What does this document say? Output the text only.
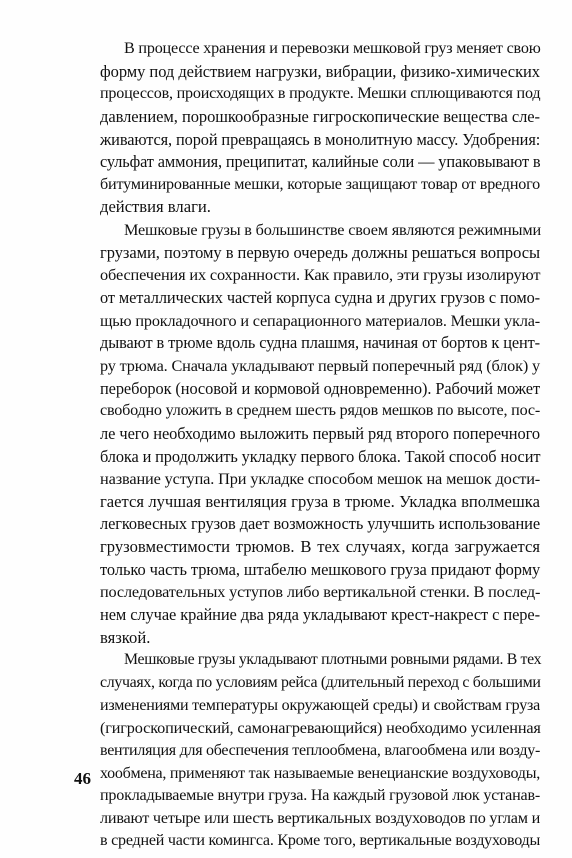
В процессе хранения и перевозки мешковой груз меняет свою
форму под действием нагрузки, вибрации, физико-химических
процессов, происходящих в продукте. Мешки сплющиваются под
давлением, порошкообразные гигроскопические вещества сле-
живаются, порой превращаясь в монолитную массу. Удобрения:
сульфат аммония, преципитат, калийные соли — упаковывают в
битуминированные мешки, которые защищают товар от вредного
действия влаги.
Мешковые грузы в большинстве своем являются режимными
грузами, поэтому в первую очередь должны решаться вопросы
обеспечения их сохранности. Как правило, эти грузы изолируют
от металлических частей корпуса судна и других грузов с помо-
щью прокладочного и сепарационного материалов. Мешки укла-
дывают в трюме вдоль судна плашмя, начиная от бортов к цент-
ру трюма. Сначала укладывают первый поперечный ряд (блок) у
переборок (носовой и кормовой одновременно). Рабочий может
свободно уложить в среднем шесть рядов мешков по высоте, пос-
ле чего необходимо выложить первый ряд второго поперечного
блока и продолжить укладку первого блока. Такой способ носит
название уступа. При укладке способом мешок на мешок дости-
гается лучшая вентиляция груза в трюме. Укладка вполмешка
легковесных грузов дает возможность улучшить использование
грузовместимости трюмов. В тех случаях, когда загружается
только часть трюма, штабелю мешкового груза придают форму
последовательных уступов либо вертикальной стенки. В послед-
нем случае крайние два ряда укладывают крест-накрест с пере-
вязкой.
Мешковые грузы укладывают плотными ровными рядами. В тех
случаях, когда по условиям рейса (длительный переход с большими
изменениями температуры окружающей среды) и свойствам груза
(гигроскопический, самонагревающийся) необходимо усиленная
вентиляция для обеспечения теплообмена, влагообмена или возду-
хообмена, применяют так называемые венецианские воздуховоды,
прокладываемые внутри груза. На каждый грузовой люк устанав-
ливают четыре или шесть вертикальных воздуховодов по углам и
в средней части комингса. Кроме того, вертикальные воздуховоды
46
